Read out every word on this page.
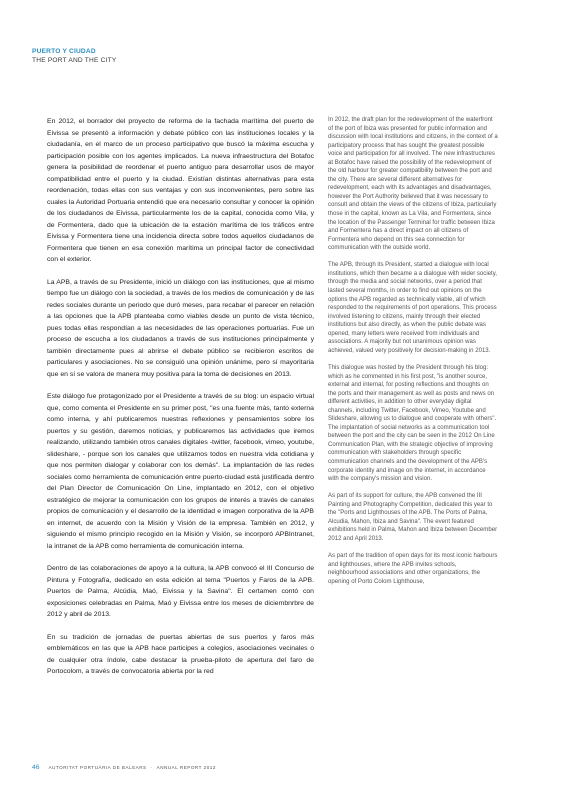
PUERTO Y CIUDAD
THE PORT AND THE CITY

En 2012, el borrador del proyecto de reforma de la fachada marítima del puerto de Eivissa se presentó a información y debate público con las instituciones locales y la ciudadanía, en el marco de un proceso participativo que buscó la máxima escucha y participación posible con los agentes implicados. La nueva infraestructura del Botafoc genera la posibilidad de reordenar el puerto antiguo para desarrollar usos de mayor compatibilidad entre el puerto y la ciudad. Existían distintas alternativas para esta reordenación, todas ellas con sus ventajas y con sus inconvenientes, pero sobre las cuales la Autoridad Portuaria entendió que era necesario consultar y conocer la opinión de los ciudadanos de Eivissa, particularmente los de la capital, conocida como Vila, y de Formentera, dado que la ubicación de la estación marítima de los tráficos entre Eivissa y Formentera tiene una incidencia directa sobre todos aquellos ciudadanos de Formentera que tienen en esa conexión marítima un principal factor de conectividad con el exterior.

La APB, a través de su Presidente, inició un diálogo con las instituciones, que al mismo tiempo fue un diálogo con la sociedad, a través de los medios de comunicación y de las redes sociales durante un periodo que duró meses, para recabar el parecer en relación a las opciones que la APB planteaba como viables desde un punto de vista técnico, pues todas ellas respondían a las necesidades de las operaciones portuarias. Fue un proceso de escucha a los ciudadanos a través de sus instituciones principalmente y también directamente pues al abrirse el debate público se recibieron escritos de particulares y asociaciones. No se consiguió una opinión unánime, pero sí mayoritaria que en sí se valora de manera muy positiva para la toma de decisiones en 2013.

Este diálogo fue protagonizado por el Presidente a través de su blog: un espacio virtual que, como comenta el Presidente en su primer post, "es una fuente más, tanto externa como interna, y ahí publicaremos nuestras reflexiones y pensamientos sobre los puertos y su gestión, daremos noticias, y publicaremos las actividades que iremos realizando, utilizando también otros canales digitales -twitter, facebook, vimeo, youtube, slideshare, - porque son los canales que utilizamos todos en nuestra vida cotidiana y que nos permiten dialogar y colaborar con los demás". La implantación de las redes sociales como herramienta de comunicación entre puerto-ciudad está justificada dentro del Plan Director de Comunicación On Line, implantado en 2012, con el objetivo estratégico de mejorar la comunicación con los grupos de interés a través de canales propios de comunicación y el desarrollo de la identidad e imagen corporativa de la APB en internet, de acuerdo con la Misión y Visión de la empresa. También en 2012, y siguiendo el mismo principio recogido en la Misión y Visión, se incorporó APBIntranet, la intranet de la APB como herramienta de comunicación interna.

Dentro de las colaboraciones de apoyo a la cultura, la APB convocó el III Concurso de Pintura y Fotografía, dedicado en esta edición al tema "Puertos y Faros de la APB. Puertos de Palma, Alcúdia, Maó, Eivissa y la Savina". El certamen contó con exposiciones celebradas en Palma, Maó y Eivissa entre los meses de diciembnrbre de 2012 y abril de 2013.

En su tradición de jornadas de puertas abiertas de sus puertos y faros más emblemáticos en las que la APB hace participes a colegios, asociaciones vecinales o de cualquier otra índole, cabe destacar la prueba-piloto de apertura del faro de Portocolom, a través de convocatoria abierta por la red

In 2012, the draft plan for the redevelopment of the waterfront of the port of Ibiza was presented for public information and discussion with local institutions and citizens, in the context of a participatory process that has sought the greatest possible voice and participation for all involved. The new infrastructures at Botafoc have raised the possibility of the redevelopment of the old harbour for greater compatibility between the port and the city. There are several different alternatives for redevelopment, each with its advantages and disadvantages, however the Port Authority believed that it was necessary to consult and obtain the views of the citizens of Ibiza, particularly those in the capital, known as La Vila, and Formentera, since the location of the Passenger Terminal for traffic between Ibiza and Formentera has a direct impact on all citizens of Formentera who depend on this sea connection for communication with the outside world.

The APB, through its President, started a dialogue with local institutions, which then became a a dialogue with wider society, through the media and social networks, over a period that lasted several months, in order to find out opinions on the options the APB regarded as technically viable, all of which responded to the requirements of port operations. This process involved listening to citizens, mainly through their elected institutions but also directly, as when the public debate was opened, many letters were received from individuals and associations. A majority but not unanimous opinion was achieved, valued very positively for decision-making in 2013.

This dialogue was hosted by the President through his blog: which as he commented in his first post, "is another source, external and internal, for posting reflections and thoughts on the ports and their management as well as posts and news on different activities, in addition to other everyday digital channels, including Twitter, Facebook, Vimeo, Youtube and Slideshare, allowing us to dialogue and cooperate with others". The implantation of social networks as a communication tool between the port and the city can be seen in the 2012 On Line Communication Plan, with the strategic objective of improving communication with stakeholders through specific communication channels and the development of the APB's corporate identity and image on the internet, in accordance with the company's mission and vision.

As part of its support for culture, the APB convened the III Painting and Photography Competition, dedicated this year to the "Ports and Lighthouses of the APB. The Ports of Palma, Alcudia, Mahon, Ibiza and Savina". The event featured exhibitions held in Palma, Mahon and Ibiza between December 2012 and April 2013.

As part of the tradition of open days for its most iconic harbours and lighthouses, where the APB invites schools, neighbourhood associations and other organizations, the opening of Porto Colom Lighthouse,

46 AUTORITAT PORTUÀRIA DE BALEARS · ANNUAL REPORT 2012
